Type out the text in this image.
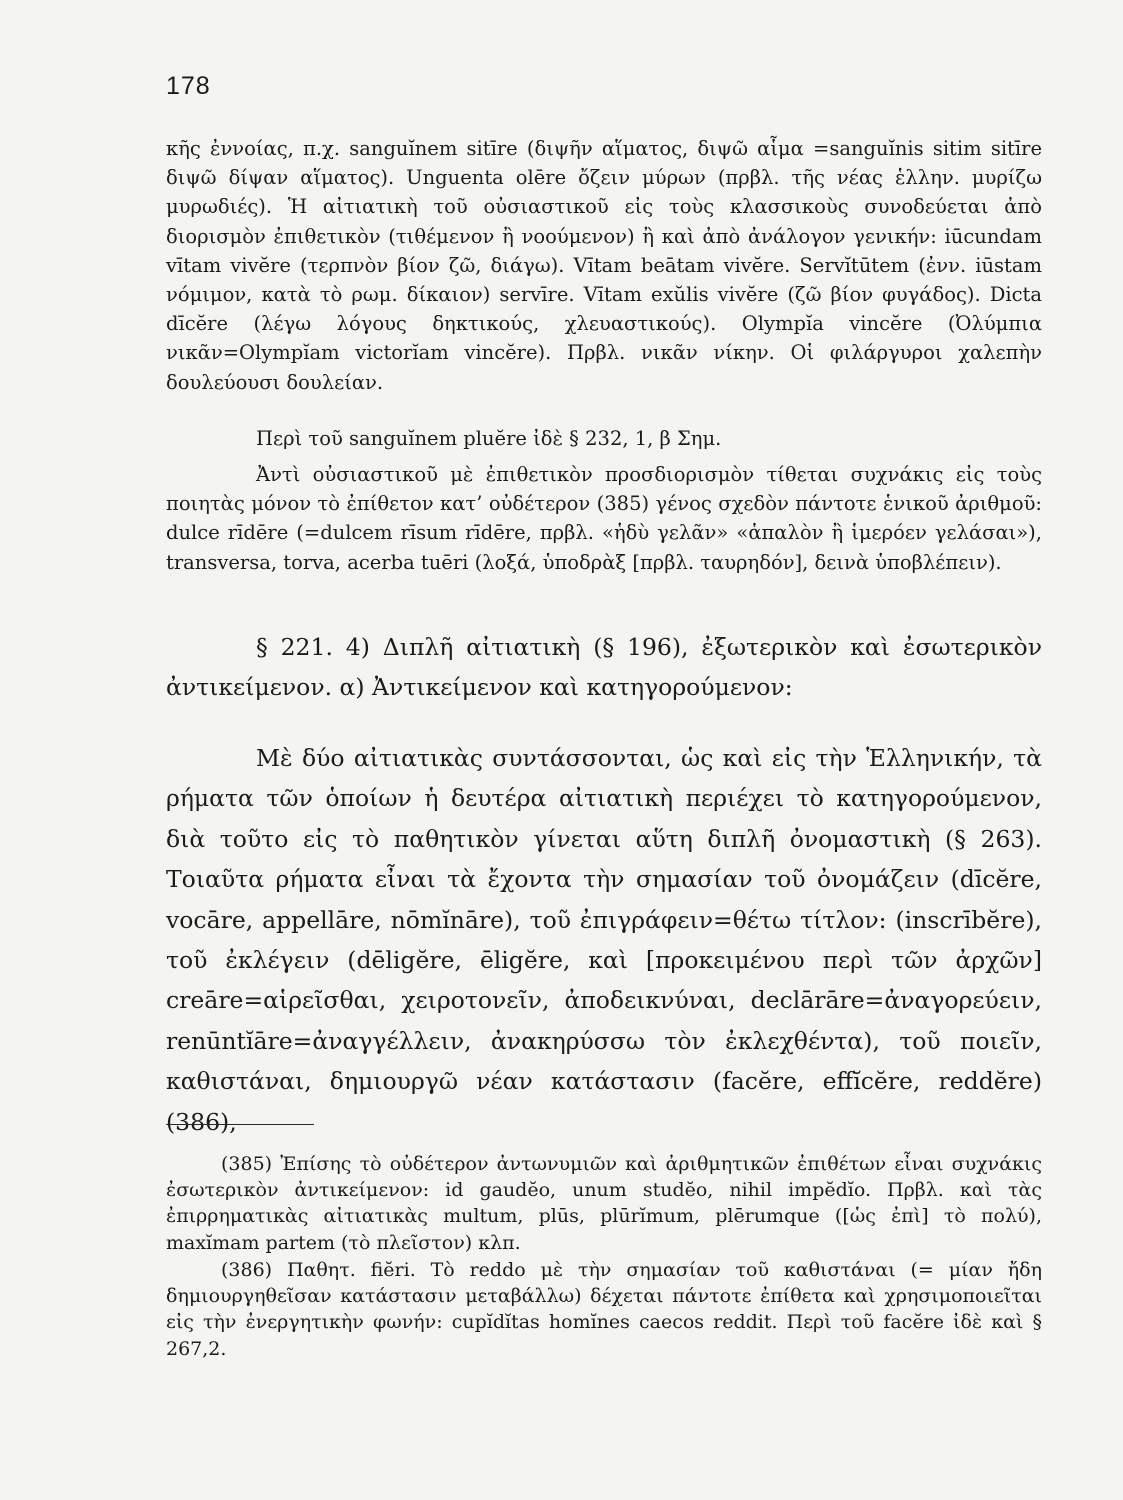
178

κῆς ἐννοίας, π.χ. sanguĭnem sitīre (διψῆν αἵματος, διψῶ αἷμα =sanguĭnis sitim sitīre διψῶ δίψαν αἵματος). Unguenta olēre ὄζειν μύρων (πρβλ. τῆς νέας ἑλλην. μυρίζω μυρωδιές). Ἡ αἰτιατικὴ τοῦ οὐσιαστικοῦ εἰς τοὺς κλασσικοὺς συνοδεύεται ἀπὸ διορισμὸν ἐπιθετικὸν (τιθέμενον ἢ νοούμενον) ἢ καὶ ἀπὸ ἀνάλογον γενικήν: iūcundam vītam vivĕre (τερπνὸν βίον ζῶ, διάγω). Vītam beātam vivĕre. Servĭtūtem (ἐνν. iūstam νόμιμον, κατὰ τὸ ρωμ. δίκαιον) servīre. Vītam exŭlis vivĕre (ζῶ βίον φυγάδος). Dicta dīcĕre (λέγω λόγους δηκτικούς, χλευαστικούς). Olympĭa vincĕre (Ὀλύμπια νικᾶν=Olympĭam victorĭam vincĕre). Πρβλ. νικᾶν νίκην. Οἱ φιλάργυροι χαλεπὴν δουλεύουσι δουλείαν.

Περὶ τοῦ sanguĭnem pluĕre ἰδὲ § 232, 1, β Σημ.

Ἀντὶ οὐσιαστικοῦ μὲ ἐπιθετικὸν προσδιορισμὸν τίθεται συχνάκις εἰς τοὺς ποιητὰς μόνον τὸ ἐπίθετον κατ’ οὐδέτερον (385) γένος σχεδὸν πάντοτε ἑνικοῦ ἀριθμοῦ: dulce rīdēre (=dulcem rīsum rīdēre, πρβλ. «ἡδὺ γελᾶν» «ἁπαλὸν ἢ ἱμερόεν γελάσαι»), transversa, torva, acerba tuēri (λοξά, ὑποδρὰξ [πρβλ. ταυρηδόν], δεινὰ ὑποβλέπειν).

§ 221. 4) Διπλῆ αἰτιατικὴ (§ 196), ἐξωτερικὸν καὶ ἐσωτερικὸν ἀντικείμενον. α) Ἀντικείμενον καὶ κατηγορούμενον:

Μὲ δύο αἰτιατικὰς συντάσσονται, ὡς καὶ εἰς τὴν Ἑλληνικήν, τὰ ρήματα τῶν ὁποίων ἡ δευτέρα αἰτιατικὴ περιέχει τὸ κατηγορούμενον, διὰ τοῦτο εἰς τὸ παθητικὸν γίνεται αὕτη διπλῆ ὀνομαστικὴ (§ 263). Τοιαῦτα ρήματα εἶναι τὰ ἔχοντα τὴν σημασίαν τοῦ ὀνομάζειν (dīcĕre, vocāre, appellāre, nōmĭnāre), τοῦ ἐπιγράφειν=θέτω τίτλον: (inscrībĕre), τοῦ ἐκλέγειν (dēligĕre, ēligĕre, καὶ [προκειμένου περὶ τῶν ἀρχῶν] creāre=αἱρεῖσθαι, χειροτονεῖν, ἀποδεικνύναι, declārāre=ἀναγορεύειν, renūntĭāre=ἀναγγέλλειν, ἀνακηρύσσω τὸν ἐκλεχθέντα), τοῦ ποιεῖν, καθιστάναι, δημιουργῶ νέαν κατάστασιν (facĕre, effĭcĕre, reddĕre) (386),

(385) Ἐπίσης τὸ οὐδέτερον ἀντωνυμιῶν καὶ ἀριθμητικῶν ἐπιθέτων εἶναι συχνάκις ἐσωτερικὸν ἀντικείμενον: id gaudĕo, unum studĕo, nihil impĕdĭo. Πρβλ. καὶ τὰς ἐπιρρηματικὰς αἰτιατικὰς multum, plūs, plūrĭmum, plērumque ([ὡς ἐπὶ] τὸ πολύ), maxĭmam partem (τὸ πλεῖστον) κλπ.

(386) Παθητ. fiĕri. Τὸ reddo μὲ τὴν σημασίαν τοῦ καθιστάναι (= μίαν ἤδη δημιουργηθεῖσαν κατάστασιν μεταβάλλω) δέχεται πάντοτε ἐπίθετα καὶ χρησιμοποιεῖται εἰς τὴν ἐνεργητικὴν φωνήν: cupĭdĭtas homĭnes caecos reddit. Περὶ τοῦ facĕre ἰδὲ καὶ § 267,2.
